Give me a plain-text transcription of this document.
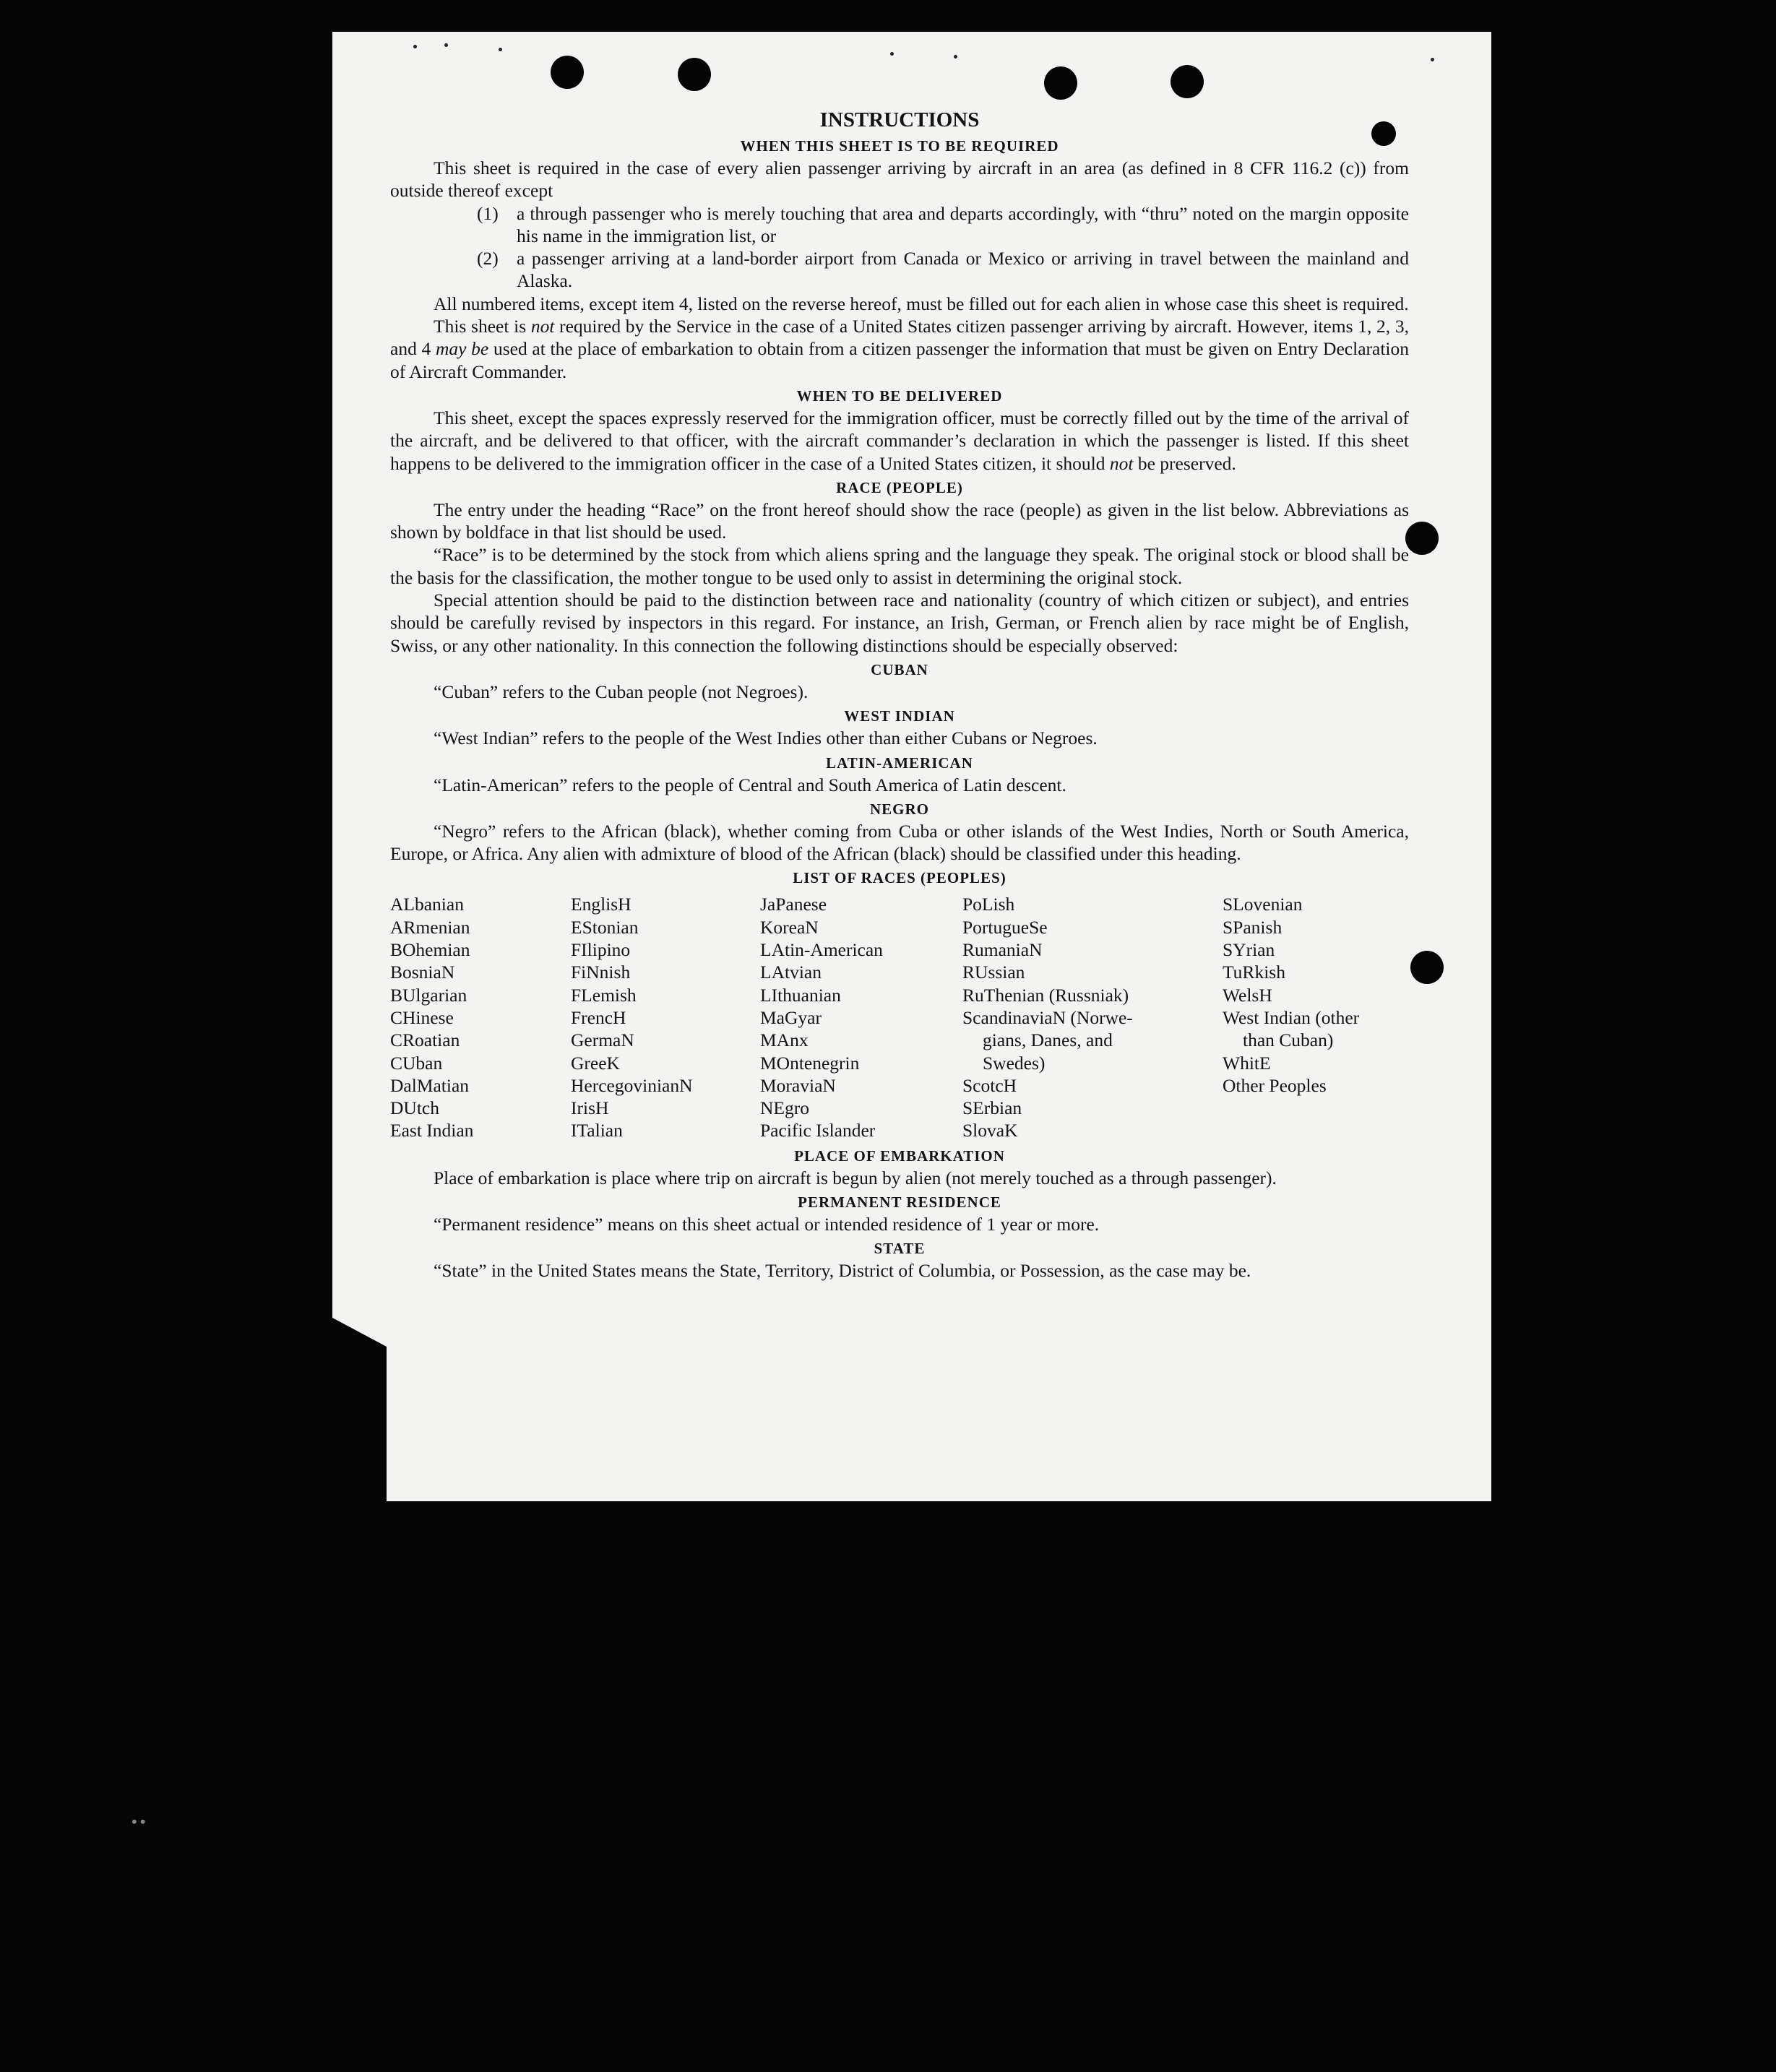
••
INSTRUCTIONS
WHEN THIS SHEET IS TO BE REQUIRED

This sheet is required in the case of every alien passenger arriving by aircraft in an area (as defined in 8 CFR 116.2 (c)) from outside thereof except

(1) a through passenger who is merely touching that area and departs accordingly, with “thru” noted on the margin opposite his name in the immigration list, or

(2) a passenger arriving at a land-border airport from Canada or Mexico or arriving in travel between the mainland and Alaska.

All numbered items, except item 4, listed on the reverse hereof, must be filled out for each alien in whose case this sheet is required.

This sheet is not required by the Service in the case of a United States citizen passenger arriving by aircraft. However, items 1, 2, 3, and 4 may be used at the place of embarkation to obtain from a citizen passenger the information that must be given on Entry Declaration of Aircraft Commander.

WHEN TO BE DELIVERED

This sheet, except the spaces expressly reserved for the immigration officer, must be correctly filled out by the time of the arrival of the aircraft, and be delivered to that officer, with the aircraft commander’s declaration in which the passenger is listed. If this sheet happens to be delivered to the immigration officer in the case of a United States citizen, it should not be preserved.

RACE (PEOPLE)

The entry under the heading “Race” on the front hereof should show the race (people) as given in the list below. Abbreviations as shown by boldface in that list should be used.

“Race” is to be determined by the stock from which aliens spring and the language they speak. The original stock or blood shall be the basis for the classification, the mother tongue to be used only to assist in determining the original stock.

Special attention should be paid to the distinction between race and nationality (country of which citizen or subject), and entries should be carefully revised by inspectors in this regard. For instance, an Irish, German, or French alien by race might be of English, Swiss, or any other nationality. In this connection the following distinctions should be especially observed:

CUBAN

“Cuban” refers to the Cuban people (not Negroes).

WEST INDIAN

“West Indian” refers to the people of the West Indies other than either Cubans or Negroes.

LATIN-AMERICAN

“Latin-American” refers to the people of Central and South America of Latin descent.

NEGRO

“Negro” refers to the African (black), whether coming from Cuba or other islands of the West Indies, North or South America, Europe, or Africa. Any alien with admixture of blood of the African (black) should be classified under this heading.

LIST OF RACES (PEOPLES)
ALbanian
ARmenian
BOhemian
BosniaN
BUlgarian
CHinese
CRoatian
CUban
DalMatian
DUtch
East Indian
EnglisH
EStonian
FIlipino
FiNnish
FLemish
FrencH
GermaN
GreeK
HercegovinianN
IrisH
ITalian
JaPanese
KoreaN
LAtin-American
LAtvian
LIthuanian
MaGyar
MAnx
MOntenegrin
MoraviaN
NEgro
Pacific Islander
PoLish
PortugueSe
RumaniaN
RUssian
RuThenian (Russniak)
ScandinaviaN (Norwe-
gians, Danes, and
Swedes)
ScotcH
SErbian
SlovaK
SLovenian
SPanish
SYrian
TuRkish
WelsH
West Indian (other
than Cuban)
WhitE
Other Peoples
PLACE OF EMBARKATION

Place of embarkation is place where trip on aircraft is begun by alien (not merely touched as a through passenger).

PERMANENT RESIDENCE

“Permanent residence” means on this sheet actual or intended residence of 1 year or more.

STATE

“State” in the United States means the State, Territory, District of Columbia, or Possession, as the case may be.
